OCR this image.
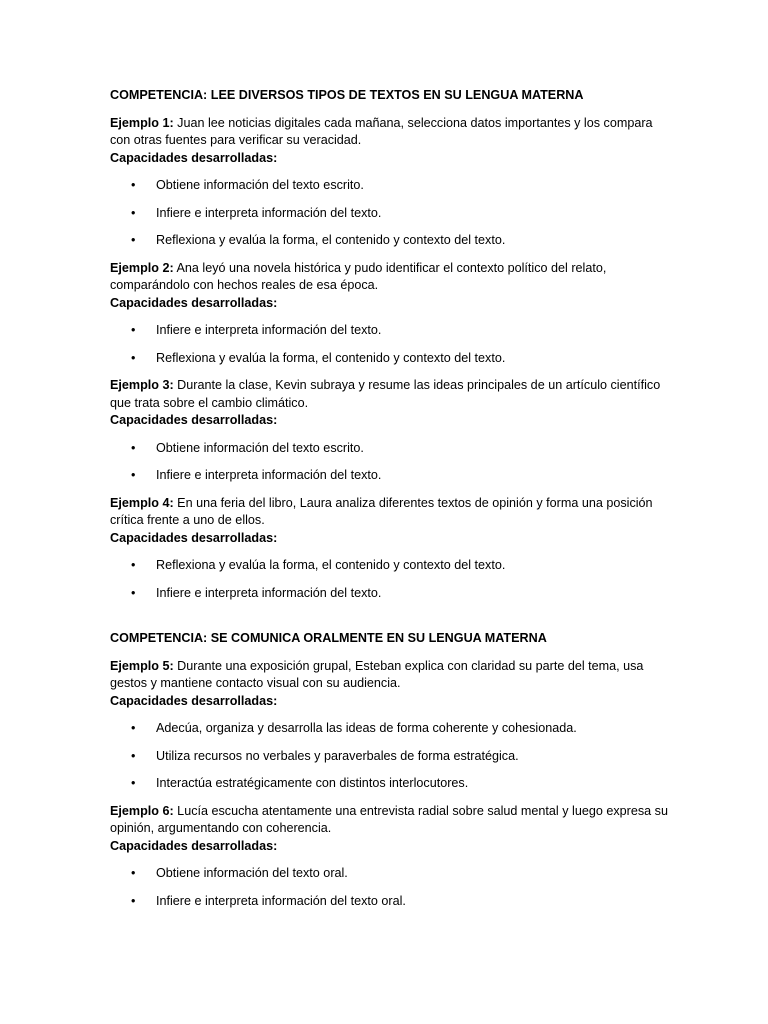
COMPETENCIA: LEE DIVERSOS TIPOS DE TEXTOS EN SU LENGUA MATERNA

Ejemplo 1: Juan lee noticias digitales cada mañana, selecciona datos importantes y los compara con otras fuentes para verificar su veracidad.

Capacidades desarrolladas:

• Obtiene información del texto escrito.
• Infiere e interpreta información del texto.
• Reflexiona y evalúa la forma, el contenido y contexto del texto.

Ejemplo 2: Ana leyó una novela histórica y pudo identificar el contexto político del relato, comparándolo con hechos reales de esa época.

Capacidades desarrolladas:

• Infiere e interpreta información del texto.
• Reflexiona y evalúa la forma, el contenido y contexto del texto.

Ejemplo 3: Durante la clase, Kevin subraya y resume las ideas principales de un artículo científico que trata sobre el cambio climático.

Capacidades desarrolladas:

• Obtiene información del texto escrito.
• Infiere e interpreta información del texto.

Ejemplo 4: En una feria del libro, Laura analiza diferentes textos de opinión y forma una posición crítica frente a uno de ellos.

Capacidades desarrolladas:

• Reflexiona y evalúa la forma, el contenido y contexto del texto.
• Infiere e interpreta información del texto.

COMPETENCIA: SE COMUNICA ORALMENTE EN SU LENGUA MATERNA

Ejemplo 5: Durante una exposición grupal, Esteban explica con claridad su parte del tema, usa gestos y mantiene contacto visual con su audiencia.

Capacidades desarrolladas:

• Adecúa, organiza y desarrolla las ideas de forma coherente y cohesionada.
• Utiliza recursos no verbales y paraverbales de forma estratégica.
• Interactúa estratégicamente con distintos interlocutores.

Ejemplo 6: Lucía escucha atentamente una entrevista radial sobre salud mental y luego expresa su opinión, argumentando con coherencia.

Capacidades desarrolladas:

• Obtiene información del texto oral.
• Infiere e interpreta información del texto oral.
